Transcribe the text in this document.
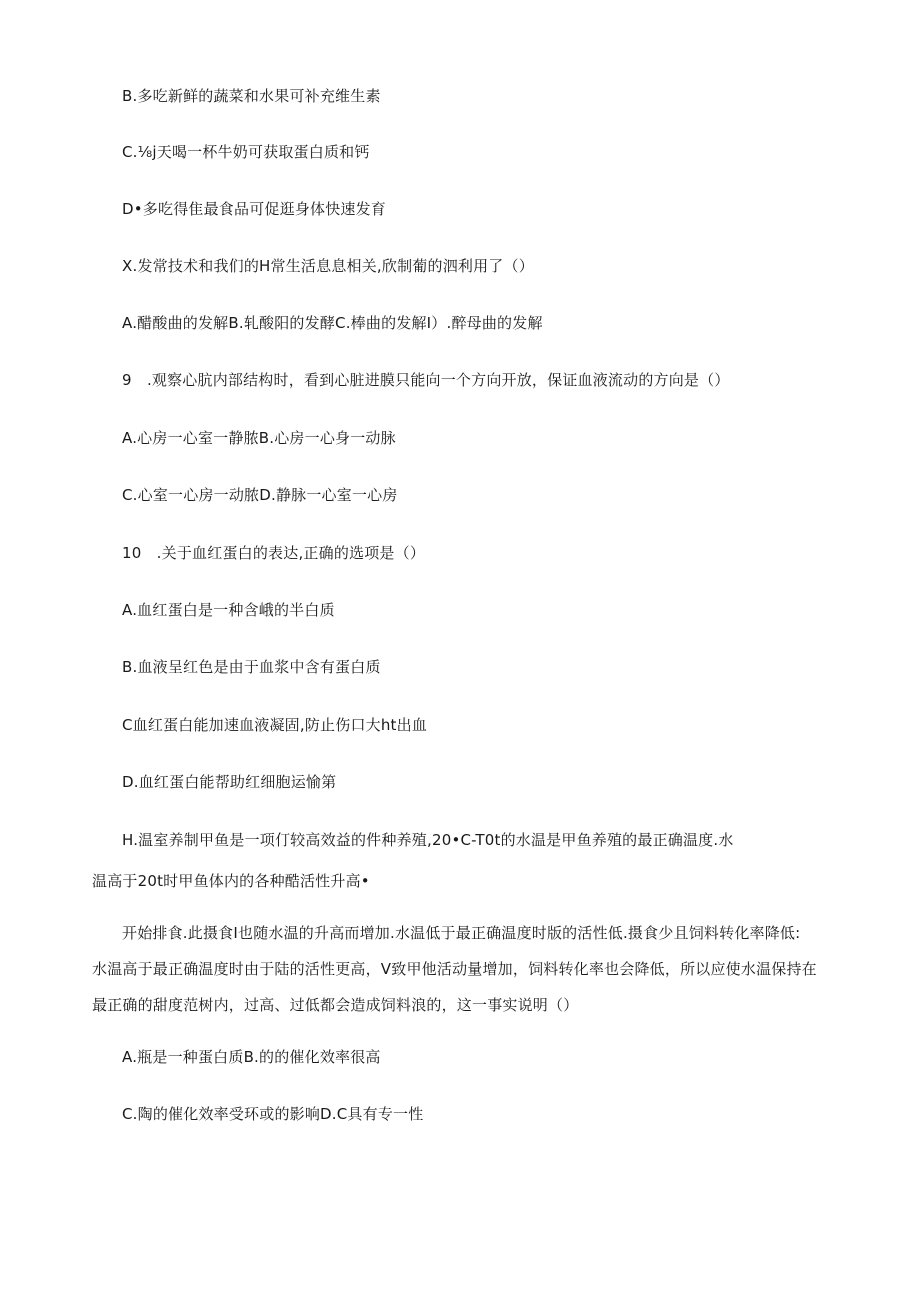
B.多吃新鲜的蔬菜和水果可补充维生素
C.⅛j天喝一杯牛奶可获取蛋白质和钙
D•多吃得隹最食品可促逛身体快速发育
X.发常技术和我们的H常生活息息相关,欣制葡的泗利用了（）
A.醋酸曲的发解B.轧酸阳的发酵C.棒曲的发解I）.醉母曲的发解
9　.观察心肮内部结构时，看到心脏进膜只能向一个方向开放，保证血液流动的方向是（）
A.心房一心室一静脓B.心房一心身一动脉
C.心室一心房一动脓D.静脉一心室一心房
10　.关于血红蛋白的表达,正确的选项是（）
A.血红蛋白是一种含峨的半白质
B.血液呈红色是由于血浆中含有蛋白质
C血红蛋白能加速血液凝固,防止伤口大ht出血
D.血红蛋白能帮助红细胞运愉第
H.温室养制甲鱼是一项仃较高效益的件种养殖,20•C-T0t的水温是甲鱼养殖的最正确温度.水
温高于20t时甲鱼体内的各种酷活性升高•
开始排食.此摄食I也随水温的升高而增加.水温低于最正确温度时版的活性低.摄食少且饲料转化率降低:
水温高于最正确温度时由于陆的活性更高，V致甲他活动量增加，饲料转化率也会降低，所以应使水温保持在
最正确的甜度范树内，过高、过低都会造成饲料浪的，这一事实说明（）
A.瓶是一种蛋白质B.的的催化效率很高
C.陶的催化效率受环或的影响D.C具有专一性
